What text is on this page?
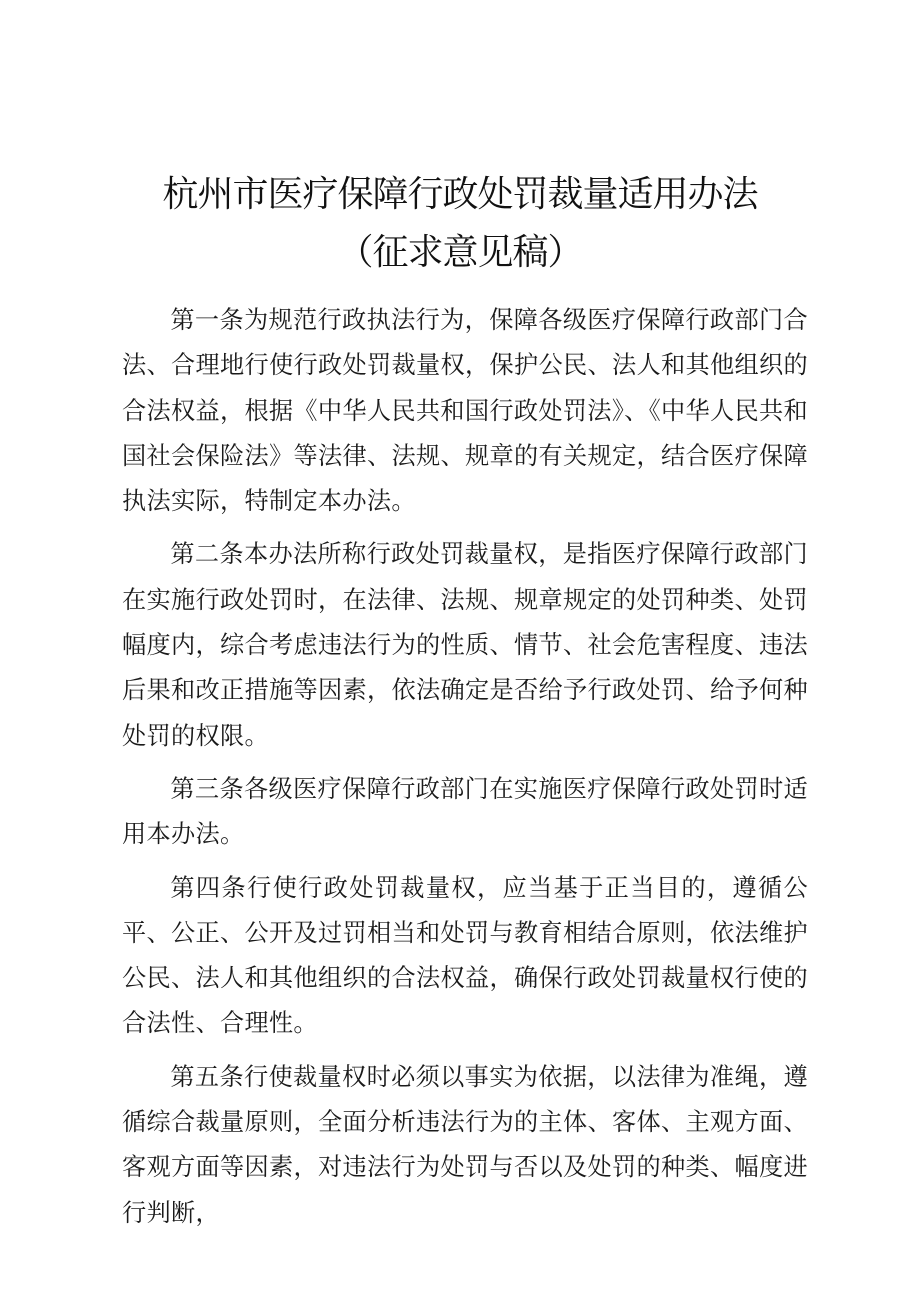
杭州市医疗保障行政处罚裁量适用办法
（征求意见稿）

第一条为规范行政执法行为，保障各级医疗保障行政部门合法、合理地行使行政处罚裁量权，保护公民、法人和其他组织的合法权益，根据《中华人民共和国行政处罚法》、《中华人民共和国社会保险法》等法律、法规、规章的有关规定，结合医疗保障执法实际，特制定本办法。

第二条本办法所称行政处罚裁量权，是指医疗保障行政部门在实施行政处罚时，在法律、法规、规章规定的处罚种类、处罚幅度内，综合考虑违法行为的性质、情节、社会危害程度、违法后果和改正措施等因素，依法确定是否给予行政处罚、给予何种处罚的权限。

第三条各级医疗保障行政部门在实施医疗保障行政处罚时适用本办法。

第四条行使行政处罚裁量权，应当基于正当目的，遵循公平、公正、公开及过罚相当和处罚与教育相结合原则，依法维护公民、法人和其他组织的合法权益，确保行政处罚裁量权行使的合法性、合理性。

第五条行使裁量权时必须以事实为依据，以法律为准绳，遵循综合裁量原则，全面分析违法行为的主体、客体、主观方面、客观方面等因素，对违法行为处罚与否以及处罚的种类、幅度进行判断，
